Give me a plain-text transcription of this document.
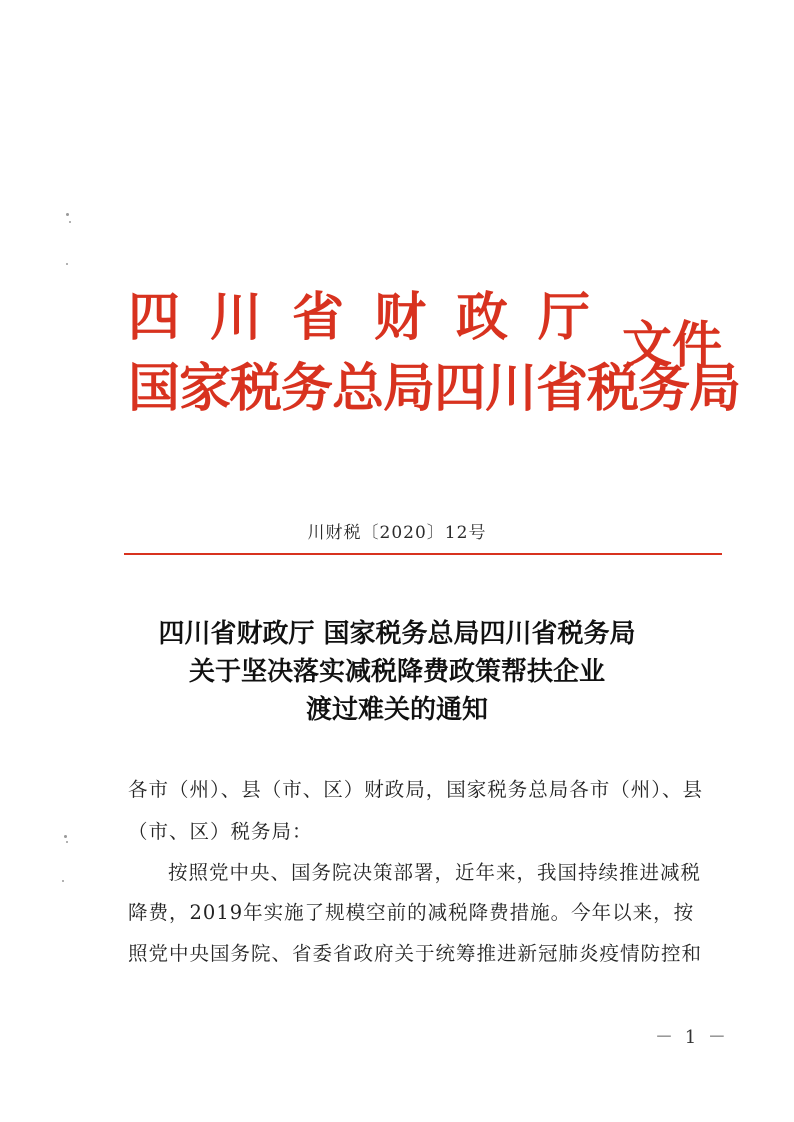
四川省财政厅
国家税务总局四川省税务局
文件
川财税〔2020〕12号
四川省财政厅 国家税务总局四川省税务局
关于坚决落实减税降费政策帮扶企业
渡过难关的通知
各市（州）、县（市、区）财政局，国家税务总局各市（州）、县
（市、区）税务局：
按照党中央、国务院决策部署，近年来，我国持续推进减税
降费，2019年实施了规模空前的减税降费措施。今年以来，按
照党中央国务院、省委省政府关于统筹推进新冠肺炎疫情防控和
－ 1 －
